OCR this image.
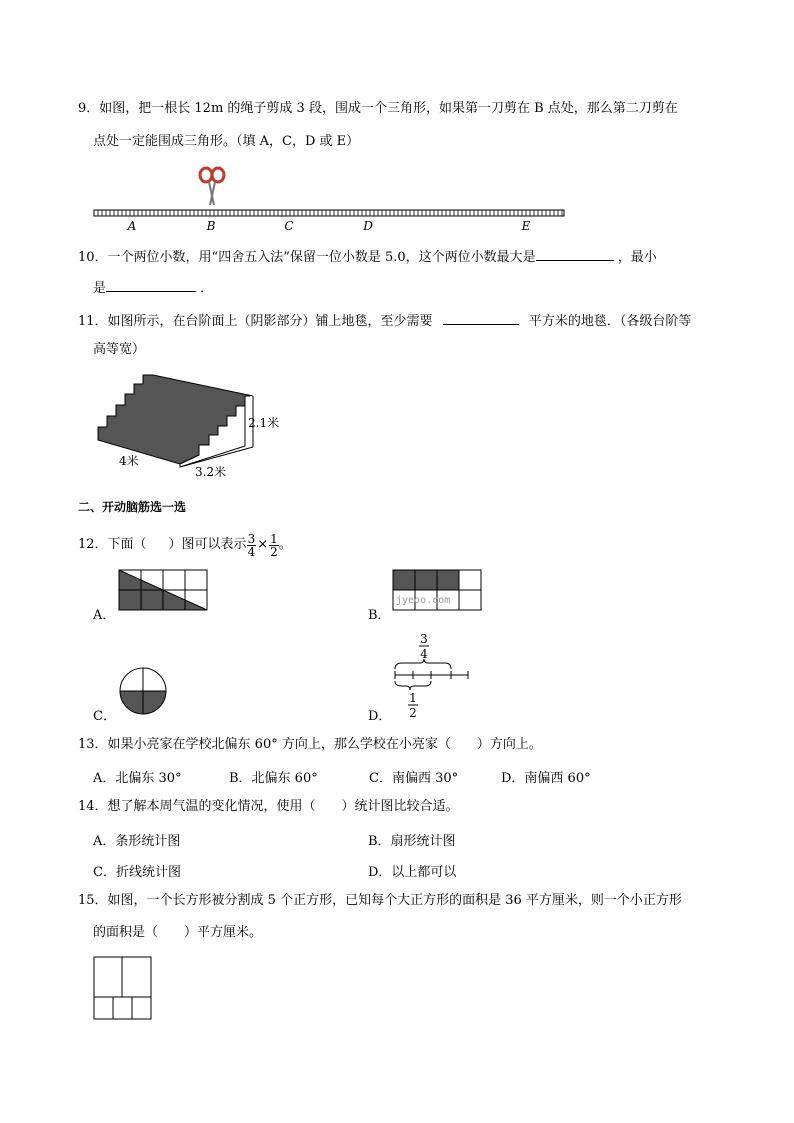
9．如图，把一根长 12m 的绳子剪成 3 段，围成一个三角形，如果第一刀剪在 B 点处，那么第二刀剪在
点处一定能围成三角形。（填 A，C，D 或 E）
A	B	C	D	E
10．一个两位小数，用“四舍五入法”保留一位小数是 5.0，这个两位小数最大是	，最小
是	．
11．如图所示，在台阶面上（阴影部分）铺上地毯，至少需要	平方米的地毯．（各级台阶等
高等宽）
2.1米
4米
3.2米
二、开动脑筋选一选
12．下面（ ）图可以表示 $\frac{3}{4} \times \frac{1}{2}$ 。
A．	B．
jyeoo.com
C．	D．
3
4
1
2
13．如果小亮家在学校北偏东 60° 方向上，那么学校在小亮家（　　）方向上。
A．北偏东 30°	B．北偏东 60°	C．南偏西 30°	D．南偏西 60°
14．想了解本周气温的变化情况，使用（　　）统计图比较合适。
A．条形统计图	B．扇形统计图
C．折线统计图	D．以上都可以
15．如图，一个长方形被分割成 5 个正方形，已知每个大正方形的面积是 36 平方厘米，则一个小正方形
的面积是（　　）平方厘米。
